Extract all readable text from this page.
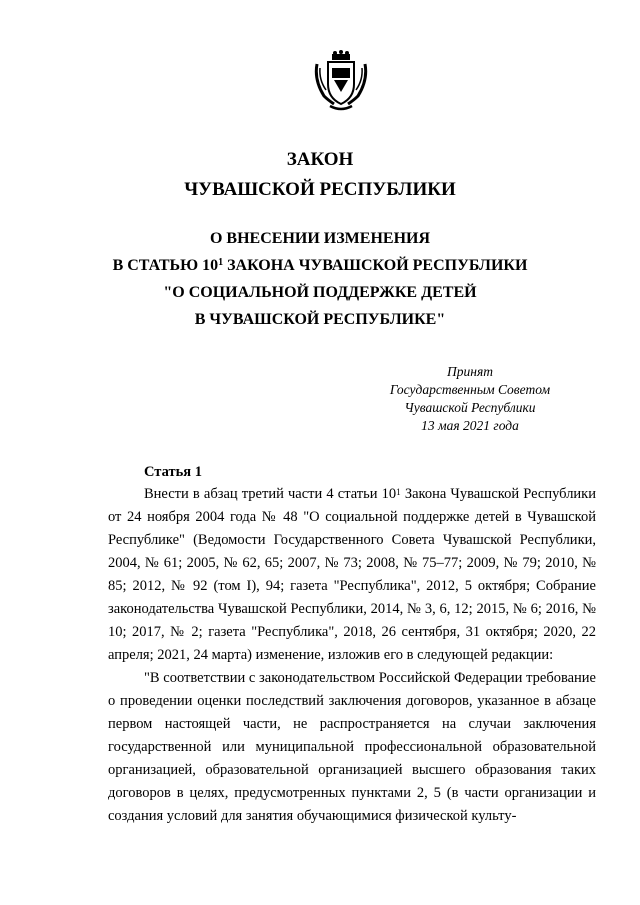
ЗАКОН
ЧУВАШСКОЙ РЕСПУБЛИКИ
О ВНЕСЕНИИ ИЗМЕНЕНИЯ
В СТАТЬЮ $10^1$ ЗАКОНА ЧУВАШСКОЙ РЕСПУБЛИКИ
"О СОЦИАЛЬНОЙ ПОДДЕРЖКЕ ДЕТЕЙ
В ЧУВАШСКОЙ РЕСПУБЛИКЕ"
Принят
Государственным Советом
Чувашской Республики
13 мая 2021 года
Статья 1

Внести в абзац третий части 4 статьи $10^1$ Закона Чувашской Республики от 24 ноября 2004 года № 48 "О социальной поддержке детей в Чувашской Республике" (Ведомости Государственного Совета Чувашской Республики, 2004, № 61; 2005, № 62, 65; 2007, № 73; 2008, № 75–77; 2009, № 79; 2010, № 85; 2012, № 92 (том I), 94; газета "Республика", 2012, 5 октября; Собрание законодательства Чувашской Республики, 2014, № 3, 6, 12; 2015, № 6; 2016, № 10; 2017, № 2; газета "Республика", 2018, 26 сентября, 31 октября; 2020, 22 апреля; 2021, 24 марта) изменение, изложив его в следующей редакции:

"В соответствии с законодательством Российской Федерации требование о проведении оценки последствий заключения договоров, указанное в абзаце первом настоящей части, не распространяется на случаи заключения государственной или муниципальной профессиональной образовательной организацией, образовательной организацией высшего образования таких договоров в целях, предусмотренных пунктами 2, 5 (в части организации и создания условий для занятия обучающимися физической культу-
